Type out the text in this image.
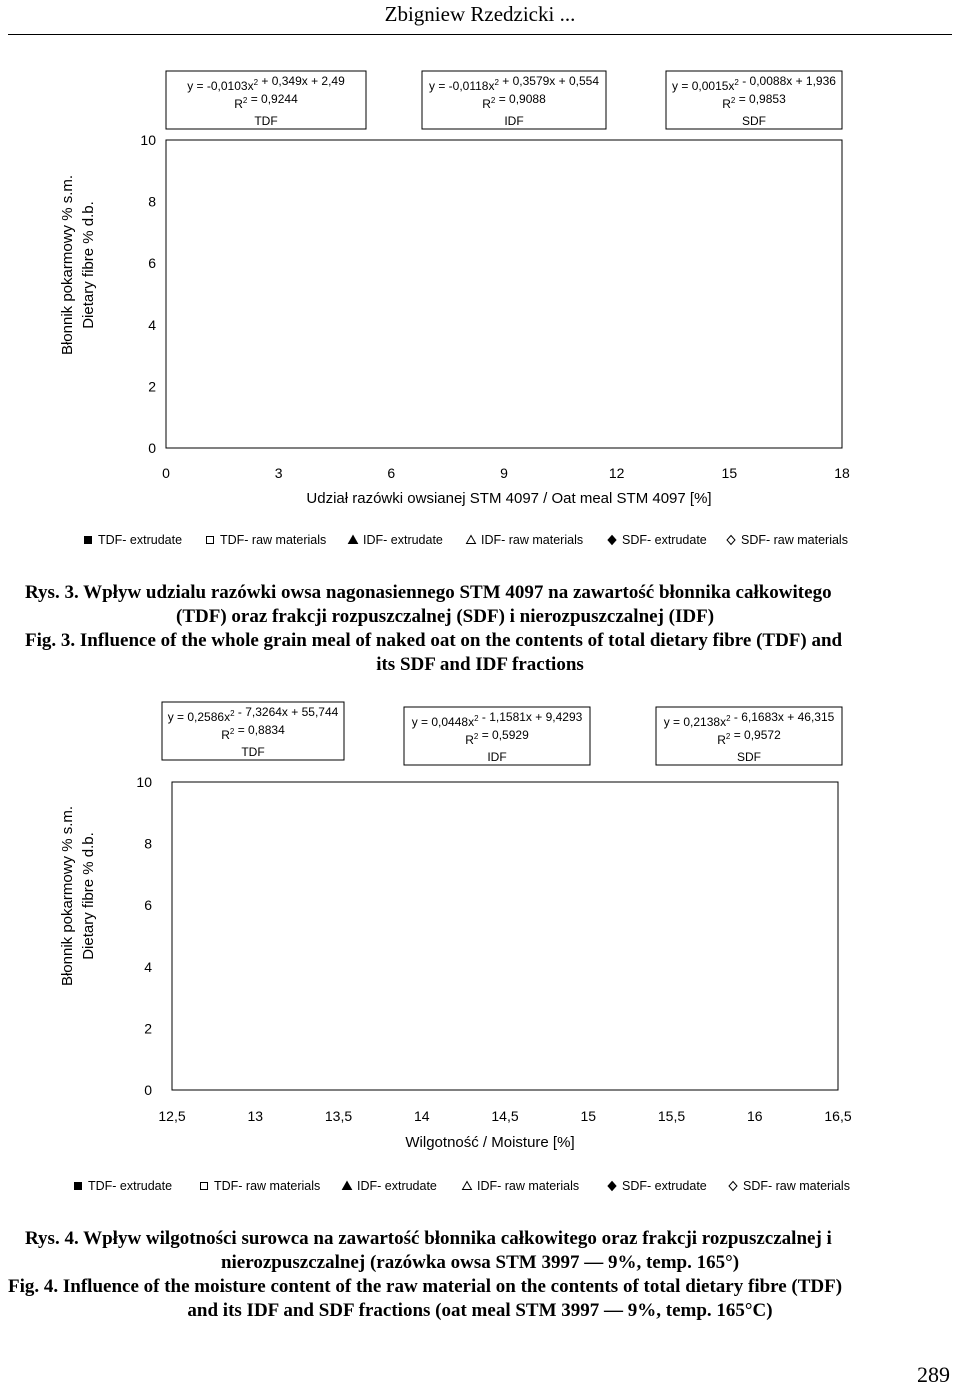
Zbigniew Rzedzicki ...
0
2
4
6
8
10
0	3	6	9	12	15	18
Udział razówki owsianej STM 4097 / Oat meal STM 4097 [%]
Błonnik pokarmowy % s.m. Dietary fibre % d.b.
$y = -0,0103x^2 + 0,349x + 2,49$
$R^2 = 0,9244$
TDF
$y = -0,0118x^2 + 0,3579x + 0,554$
$R^2 = 0,9088$
IDF
$y = 0,0015x^2 - 0,0088x + 1,936$
$R^2 = 0,9853$
SDF
TDF- extrudate	TDF- raw materials	IDF- extrudate	IDF- raw materials	SDF- extrudate	SDF- raw materials
Rys. 3. Wpływ udzialu razówki owsa nagonasiennego STM 4097 na zawartość błonnika całkowitego
(TDF) oraz frakcji rozpuszczalnej (SDF) i nierozpuszczalnej (IDF)
Fig. 3. Influence of the whole grain meal of naked oat on the contents of total dietary fibre (TDF) and
its SDF and IDF fractions
0
2
4
6
8
10
12,5	13	13,5	14	14,5	15	15,5	16	16,5
Wilgotność / Moisture [%]
Błonnik pokarmowy % s.m. Dietary fibre % d.b.
$y = 0,2586x^2 - 7,3264x + 55,744$
$R^2 = 0,8834$
TDF
$y = 0,0448x^2 - 1,1581x + 9,4293$
$R^2 = 0,5929$
IDF
$y = 0,2138x^2 - 6,1683x + 46,315$
$R^2 = 0,9572$
SDF
TDF- extrudate	TDF- raw materials	IDF- extrudate	IDF- raw materials	SDF- extrudate	SDF- raw materials
Rys. 4. Wpływ wilgotności surowca na zawartość błonnika całkowitego oraz frakcji rozpuszczalnej i
nierozpuszczalnej (razówka owsa STM 3997 — 9%, temp. 165°)
Fig. 4. Influence of the moisture content of the raw material on the contents of total dietary fibre (TDF)
and its IDF and SDF fractions (oat meal STM 3997 — 9%, temp. 165°C)
289
